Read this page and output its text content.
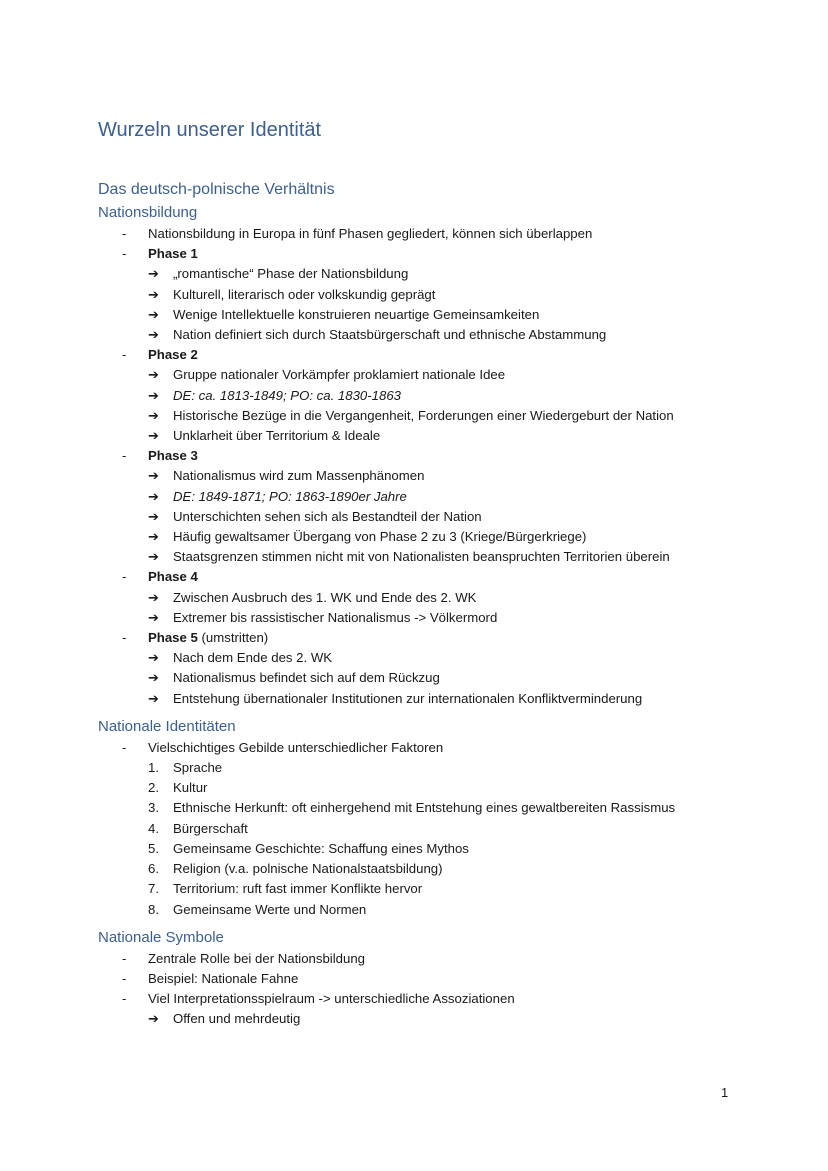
Wurzeln unserer Identität
Das deutsch-polnische Verhältnis
Nationsbildung
- Nationsbildung in Europa in fünf Phasen gegliedert, können sich überlappen
- Phase 1
➔ „romantische“ Phase der Nationsbildung
➔ Kulturell, literarisch oder volkskundig geprägt
➔ Wenige Intellektuelle konstruieren neuartige Gemeinsamkeiten
➔ Nation definiert sich durch Staatsbürgerschaft und ethnische Abstammung
- Phase 2
➔ Gruppe nationaler Vorkämpfer proklamiert nationale Idee
➔ DE: ca. 1813-1849; PO: ca. 1830-1863
➔ Historische Bezüge in die Vergangenheit, Forderungen einer Wiedergeburt der Nation
➔ Unklarheit über Territorium & Ideale
- Phase 3
➔ Nationalismus wird zum Massenphänomen
➔ DE: 1849-1871; PO: 1863-1890er Jahre
➔ Unterschichten sehen sich als Bestandteil der Nation
➔ Häufig gewaltsamer Übergang von Phase 2 zu 3 (Kriege/Bürgerkriege)
➔ Staatsgrenzen stimmen nicht mit von Nationalisten beanspruchten Territorien überein
- Phase 4
➔ Zwischen Ausbruch des 1. WK und Ende des 2. WK
➔ Extremer bis rassistischer Nationalismus -> Völkermord
- Phase 5 (umstritten)
➔ Nach dem Ende des 2. WK
➔ Nationalismus befindet sich auf dem Rückzug
➔ Entstehung übernationaler Institutionen zur internationalen Konfliktverminderung
Nationale Identitäten
- Vielschichtiges Gebilde unterschiedlicher Faktoren
1. Sprache
2. Kultur
3. Ethnische Herkunft: oft einhergehend mit Entstehung eines gewaltbereiten Rassismus
4. Bürgerschaft
5. Gemeinsame Geschichte: Schaffung eines Mythos
6. Religion (v.a. polnische Nationalstaatsbildung)
7. Territorium: ruft fast immer Konflikte hervor
8. Gemeinsame Werte und Normen
Nationale Symbole
- Zentrale Rolle bei der Nationsbildung
- Beispiel: Nationale Fahne
- Viel Interpretationsspielraum -> unterschiedliche Assoziationen
➔ Offen und mehrdeutig
1
